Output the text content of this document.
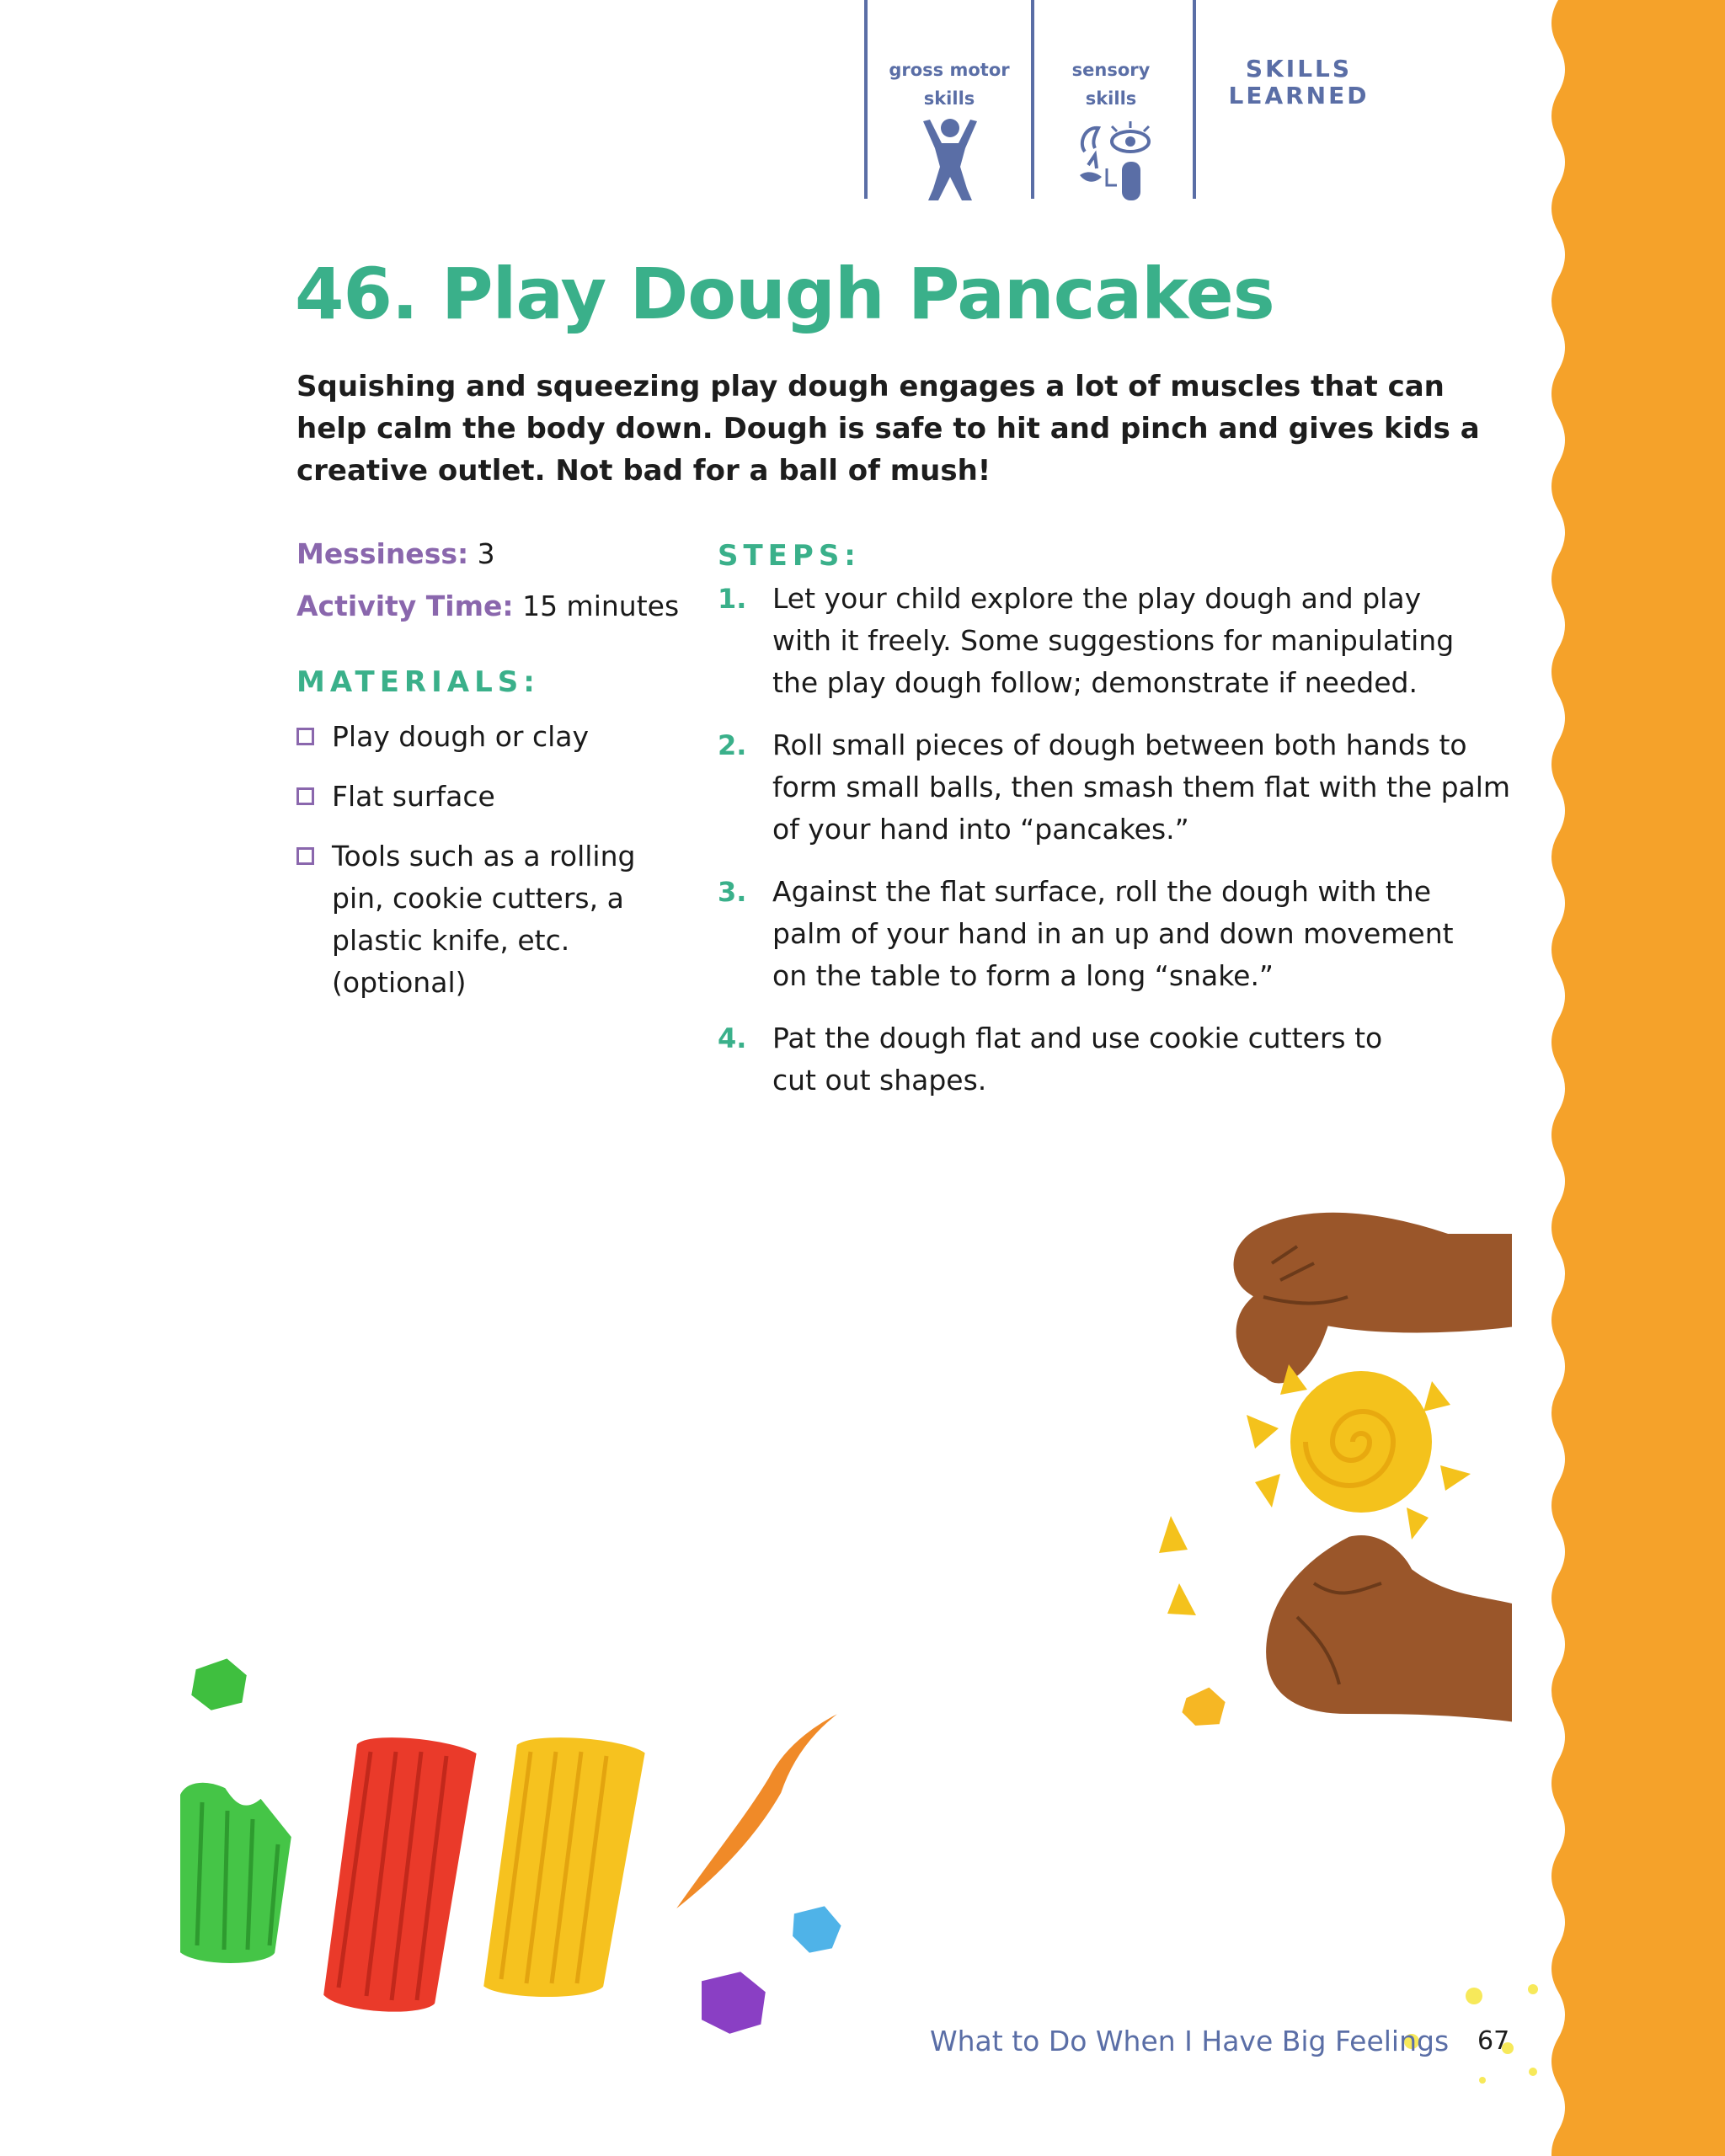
gross motor
skills
sensory
skills
SKILLS
LEARNED
46. Play Dough Pancakes
Squishing and squeezing play dough engages a lot of muscles that can help calm the body down. Dough is safe to hit and pinch and gives kids a creative outlet. Not bad for a ball of mush!
Messiness: 3
Activity Time: 15 minutes
MATERIALS:
Play dough or clay
Flat surface
Tools such as a rolling pin, cookie cutters, a plastic knife, etc. (optional)
STEPS:
1. Let your child explore the play dough and play with it freely. Some suggestions for manipulating the play dough follow; demonstrate if needed.
2. Roll small pieces of dough between both hands to form small balls, then smash them flat with the palm of your hand into “pancakes.”
3. Against the flat surface, roll the dough with the palm of your hand in an up and down movement on the table to form a long “snake.”
4. Pat the dough flat and use cookie cutters to cut out shapes.
What to Do When I Have Big Feelings 67
